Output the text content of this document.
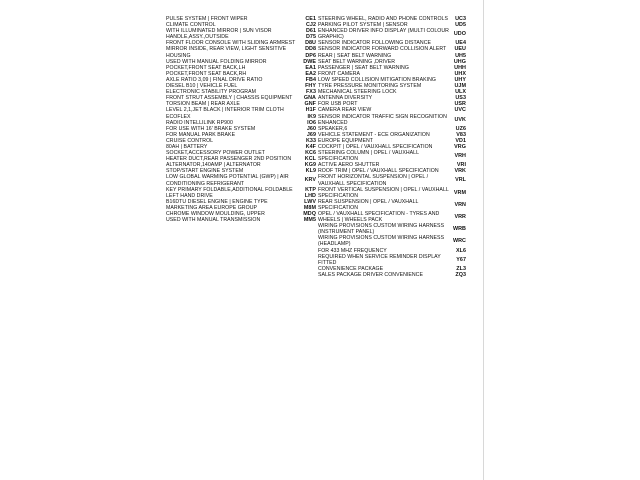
PULSE SYSTEM | FRONT WIPER	CE1
CLIMATE CONTROL	CJ2
WITH ILLUMINATED MIRROR | SUN VISOR	D61
HANDLE,ASSY.,OUTSIDE	D75
FRONT FLOOR CONSOLE WITH SLIDING ARMREST	D8U
MIRROR INSIDE, REAR VIEW, LIGHT SENSITIVE	DD8
HOUSING	DP6
USED WITH MANUAL FOLDING MIRROR	DWE
POCKET,FRONT SEAT BACK,LH	EA1
POCKET,FRONT SEAT BACK,RH	EA2
AXLE RATIO 3,09 | FINAL DRIVE RATIO	FB4
DIESEL B10 | VEHICLE FUEL	FHY
ELECTRONIC STABILITY PROGRAM	FX3
FRONT STRUT ASSEMBLY | CHASSIS EQUIPMENT	GNA
TORSION BEAM | REAR AXLE	GNF
LEVEL 2,1,JET BLACK | INTERIOR TRIM CLOTH	H1F
ECOFLEX	IK9
RADIO INTELLILINK RP900	IO6
FOR USE WITH 16' BRAKE SYSTEM	J60
FOR MANUAL PARK BRAKE	J69
CRUISE CONTROL	K33
80AH | BATTERY	K4F
SOCKET,ACCESSORY POWER OUTLET	KC6
HEATER DUCT,REAR PASSENGER 2ND POSITION	KCL
ALTERNATOR,140AMP | ALTERNATOR	KG9
STOP/START ENGINE SYSTEM	KL9
LOW GLOBAL WARMING POTENTIAL (GWP) | AIR CONDITIONING REFRIGERANT
KRV
KEY PRIMARY FOLDABLE,ADDITIONAL FOLDABLE	KTP
LEFT HAND DRIVE	LHD
B16DTU DIESEL ENGINE | ENGINE TYPE	LWV
MARKETING AREA EUROPE GROUP	M8M
CHROME WINDOW MOULDING, UPPER	MDQ
USED WITH MANUAL TRANSMISSION	MM5
STEERING WHEEL, RADIO AND PHONE CONTROLS	UC3
PARKING PILOT SYSTEM | SENSOR	UD5
ENHANCED DRIVER INFO DISPLAY (MULTI COLOUR GRAPHIC)
UDO
SENSOR INDICATOR FOLLOWING DISTANCE	UE4
SENSOR INDICATOR FORWARD COLLISION ALERT	UEU
REAR | SEAT BELT WARNING	UH5
SEAT BELT WARNING ,DRIVER	UHG
PASSENGER | SEAT BELT WARNING	UHH
FRONT CAMERA	UHX
LOW SPEED COLLISION MITIGATION BRAKING	UHY
TYRE PRESSURE MONITORING SYSTEM	UJM
MECHANICAL STEERING LOCK	ULX
ANTENNA DIVERSITY	US3
FOR USB PORT	USR
CAMERA REAR VIEW	UVC
SENSOR INDICATOR TRAFFIC SIGN RECOGNITION ENHANCED
UVK
SPEAKER,6	UZ6
VEHICLE STATEMENT - ECE ORGANIZATION	V83
EUROPE EQUIPMENT	VD1
COCKPIT | OPEL / VAUXHALL SPECIFICATION	VRG
STEERING COLUMN | OPEL / VAUXHALL SPECIFICATION
VRH
ACTIVE AERO SHUTTER	VRI
ROOF TRIM | OPEL / VAUXHALL SPECIFICATION	VRK
FRONT HORIZONTAL SUSPENSION | OPEL / VAUXHALL SPECIFICATION
VRL
FRONT VERTICAL SUSPENSION | OPEL / VAUXHALL SPECIFICATION
VRM
REAR SUSPENSION | OPEL / VAUXHALL SPECIFICATION
VRN
OPEL / VAUXHALL SPECIFICATION - TYRES AND WHEELS | WHEELS PACK
VRR
WIRING PROVISIONS CUSTOM WIRING HARNESS (INSTRUMENT PANEL)
WRB
WIRING PROVISIONS CUSTOM WIRING HARNESS (HEADLAMP)
WRC
FOR 433 MHZ FREQUENCY	XL6
REQUIRED WHEN SERVICE REMINDER DISPLAY FITTED
Y67
CONVENIENCE PACKAGE	ZL3
SALES PACKAGE DRIVER CONVENIENCE	ZQ3
